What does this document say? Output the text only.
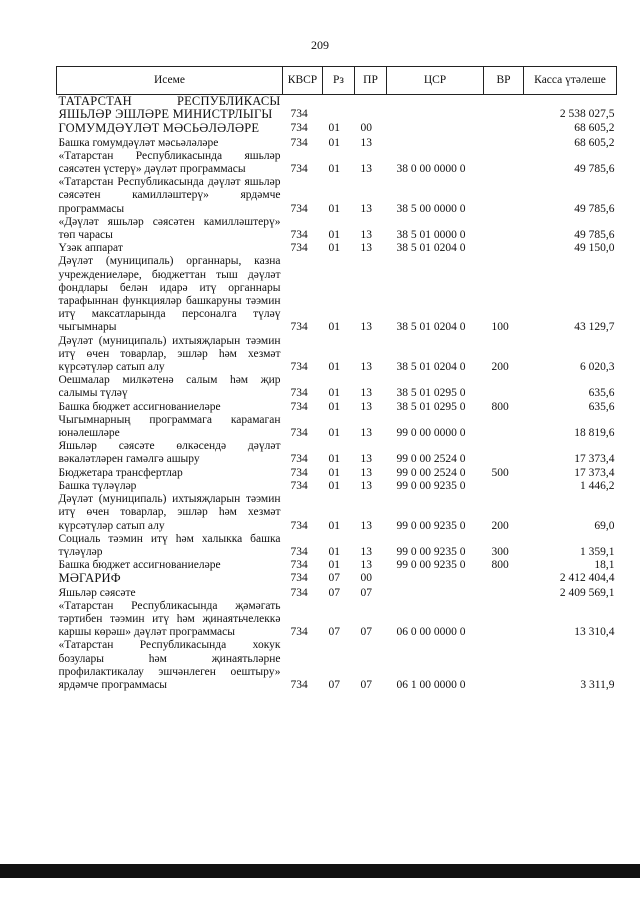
209
Исеме	КВСР	Рз	ПР	ЦСР	ВР	Касса үтәлеше
ТАТАРСТАН РЕСПУБЛИКАСЫ ЯШЬЛӘР ЭШЛӘРЕ МИНИСТРЛЫГЫ	734					2 538 027,5
ГОМУМДӘҮЛӘТ МӘСЬӘЛӘЛӘРЕ	734	01	00			68 605,2
Башка гомумдәүләт мәсьәләләре	734	01	13			68 605,2
«Татарстан Республикасында яшьләр сәясәтен үстерү» дәүләт программасы	734	01	13	38 0 00 0000 0		49 785,6
«Татарстан Республикасында дәүләт яшьләр сәясәтен камилләштерү» ярдәмче программасы	734	01	13	38 5 00 0000 0		49 785,6
«Дәүләт яшьләр сәясәтен камилләштерү» төп чарасы	734	01	13	38 5 01 0000 0		49 785,6
Үзәк аппарат	734	01	13	38 5 01 0204 0		49 150,0
Дәүләт (муниципаль) органнары, казна учреждениеләре, бюджеттан тыш дәүләт фондлары белән идарә итү органнары тарафыннан функцияләр башкаруны тәэмин итү максатларында персоналга түләү чыгымнары	734	01	13	38 5 01 0204 0	100	43 129,7
Дәүләт (муниципаль) ихтыяҗларын тәэмин итү өчен товарлар, эшләр һәм хезмәт күрсәтүләр сатып алу	734	01	13	38 5 01 0204 0	200	6 020,3
Оешмалар милкәтенә салым һәм җир салымы түләү	734	01	13	38 5 01 0295 0		635,6
Башка бюджет ассигнованиеләре	734	01	13	38 5 01 0295 0	800	635,6
Чыгымнарның программага карамаган юнәлешләре	734	01	13	99 0 00 0000 0		18 819,6
Яшьләр сәясәте өлкәсендә дәүләт вәкаләтләрен гамәлгә ашыру	734	01	13	99 0 00 2524 0		17 373,4
Бюджетара трансфертлар	734	01	13	99 0 00 2524 0	500	17 373,4
Башка түләүләр	734	01	13	99 0 00 9235 0		1 446,2
Дәүләт (муниципаль) ихтыяҗларын тәэмин итү өчен товарлар, эшләр һәм хезмәт күрсәтүләр сатып алу	734	01	13	99 0 00 9235 0	200	69,0
Социаль тәэмин итү һәм халыкка башка түләүләр	734	01	13	99 0 00 9235 0	300	1 359,1
Башка бюджет ассигнованиеләре	734	01	13	99 0 00 9235 0	800	18,1
МӘГАРИФ	734	07	00			2 412 404,4
Яшьләр сәясәте	734	07	07			2 409 569,1
«Татарстан Республикасында җәмәгать тәртибен тәэмин итү һәм җинаятьчелеккә каршы көрәш» дәүләт программасы	734	07	07	06 0 00 0000 0		13 310,4
«Татарстан Республикасында хокук бозулары һәм җинаятьләрне профилактикалау эшчәнлеген оештыру» ярдәмче программасы	734	07	07	06 1 00 0000 0		3 311,9
